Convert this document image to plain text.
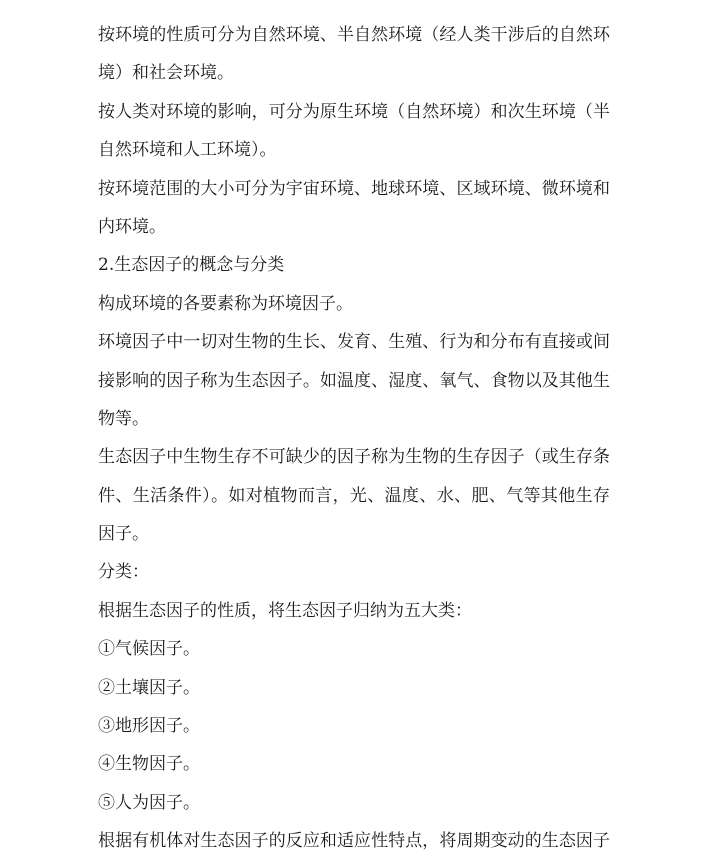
按环境的性质可分为自然环境、半自然环境（经人类干涉后的自然环
境）和社会环境。
按人类对环境的影响，可分为原生环境（自然环境）和次生环境（半
自然环境和人工环境）。
按环境范围的大小可分为宇宙环境、地球环境、区域环境、微环境和
内环境。
2.生态因子的概念与分类
构成环境的各要素称为环境因子。
环境因子中一切对生物的生长、发育、生殖、行为和分布有直接或间
接影响的因子称为生态因子。如温度、湿度、氧气、食物以及其他生
物等。
生态因子中生物生存不可缺少的因子称为生物的生存因子（或生存条
件、生活条件）。如对植物而言，光、温度、水、肥、气等其他生存
因子。
分类：
根据生态因子的性质，将生态因子归纳为五大类：
①气候因子。
②土壤因子。
③地形因子。
④生物因子。
⑤人为因子。
根据有机体对生态因子的反应和适应性特点，将周期变动的生态因子
